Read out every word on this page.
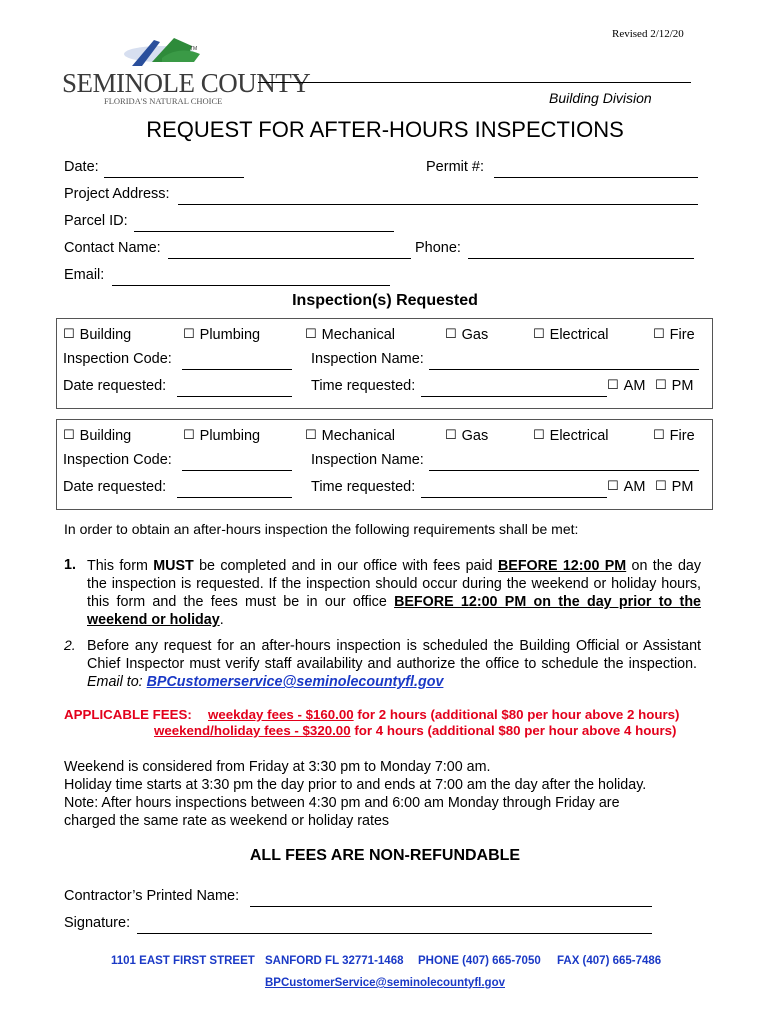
Revised 2/12/20
TM
SEMINOLE COUNTY
FLORIDA'S NATURAL CHOICE	Building Division
REQUEST FOR AFTER-HOURS INSPECTIONS
Date:	Permit #:
Project Address:
Parcel ID:
Contact Name:	Phone:
Email:
Inspection(s) Requested
☐ Building	☐ Plumbing	☐ Mechanical	☐ Gas	☐ Electrical	☐ Fire
Inspection Code:	Inspection Name:
Date requested:	Time requested:	☐ AM ☐ PM
☐ Building	☐ Plumbing	☐ Mechanical	☐ Gas	☐ Electrical	☐ Fire
Inspection Code:	Inspection Name:
Date requested:	Time requested:	☐ AM ☐ PM
In order to obtain an after-hours inspection the following requirements shall be met:
1. This form MUST be completed and in our office with fees paid BEFORE 12:00 PM on the day the inspection is requested. If the inspection should occur during the weekend or holiday hours, this form and the fees must be in our office BEFORE 12:00 PM on the day prior to the weekend or holiday.
2. Before any request for an after-hours inspection is scheduled the Building Official or Assistant Chief Inspector must verify staff availability and authorize the office to schedule the inspection.  Email to: BPCustomerservice@seminolecountyfl.gov
APPLICABLE FEES: weekday fees - $160.00 for 2 hours (additional $80 per hour above 2 hours)
weekend/holiday fees - $320.00 for 4 hours (additional $80 per hour above 4 hours)
Weekend is considered from Friday at 3:30 pm to Monday 7:00 am.
Holiday time starts at 3:30 pm the day prior to and ends at 7:00 am the day after the holiday.
Note: After hours inspections between 4:30 pm and 6:00 am Monday through Friday are
charged the same rate as weekend or holiday rates
ALL FEES ARE NON-REFUNDABLE
Contractor’s Printed Name:
Signature:
1101 EAST FIRST STREET SANFORD FL 32771-1468 PHONE (407) 665-7050 FAX (407) 665-7486
BPCustomerService@seminolecountyfl.gov
